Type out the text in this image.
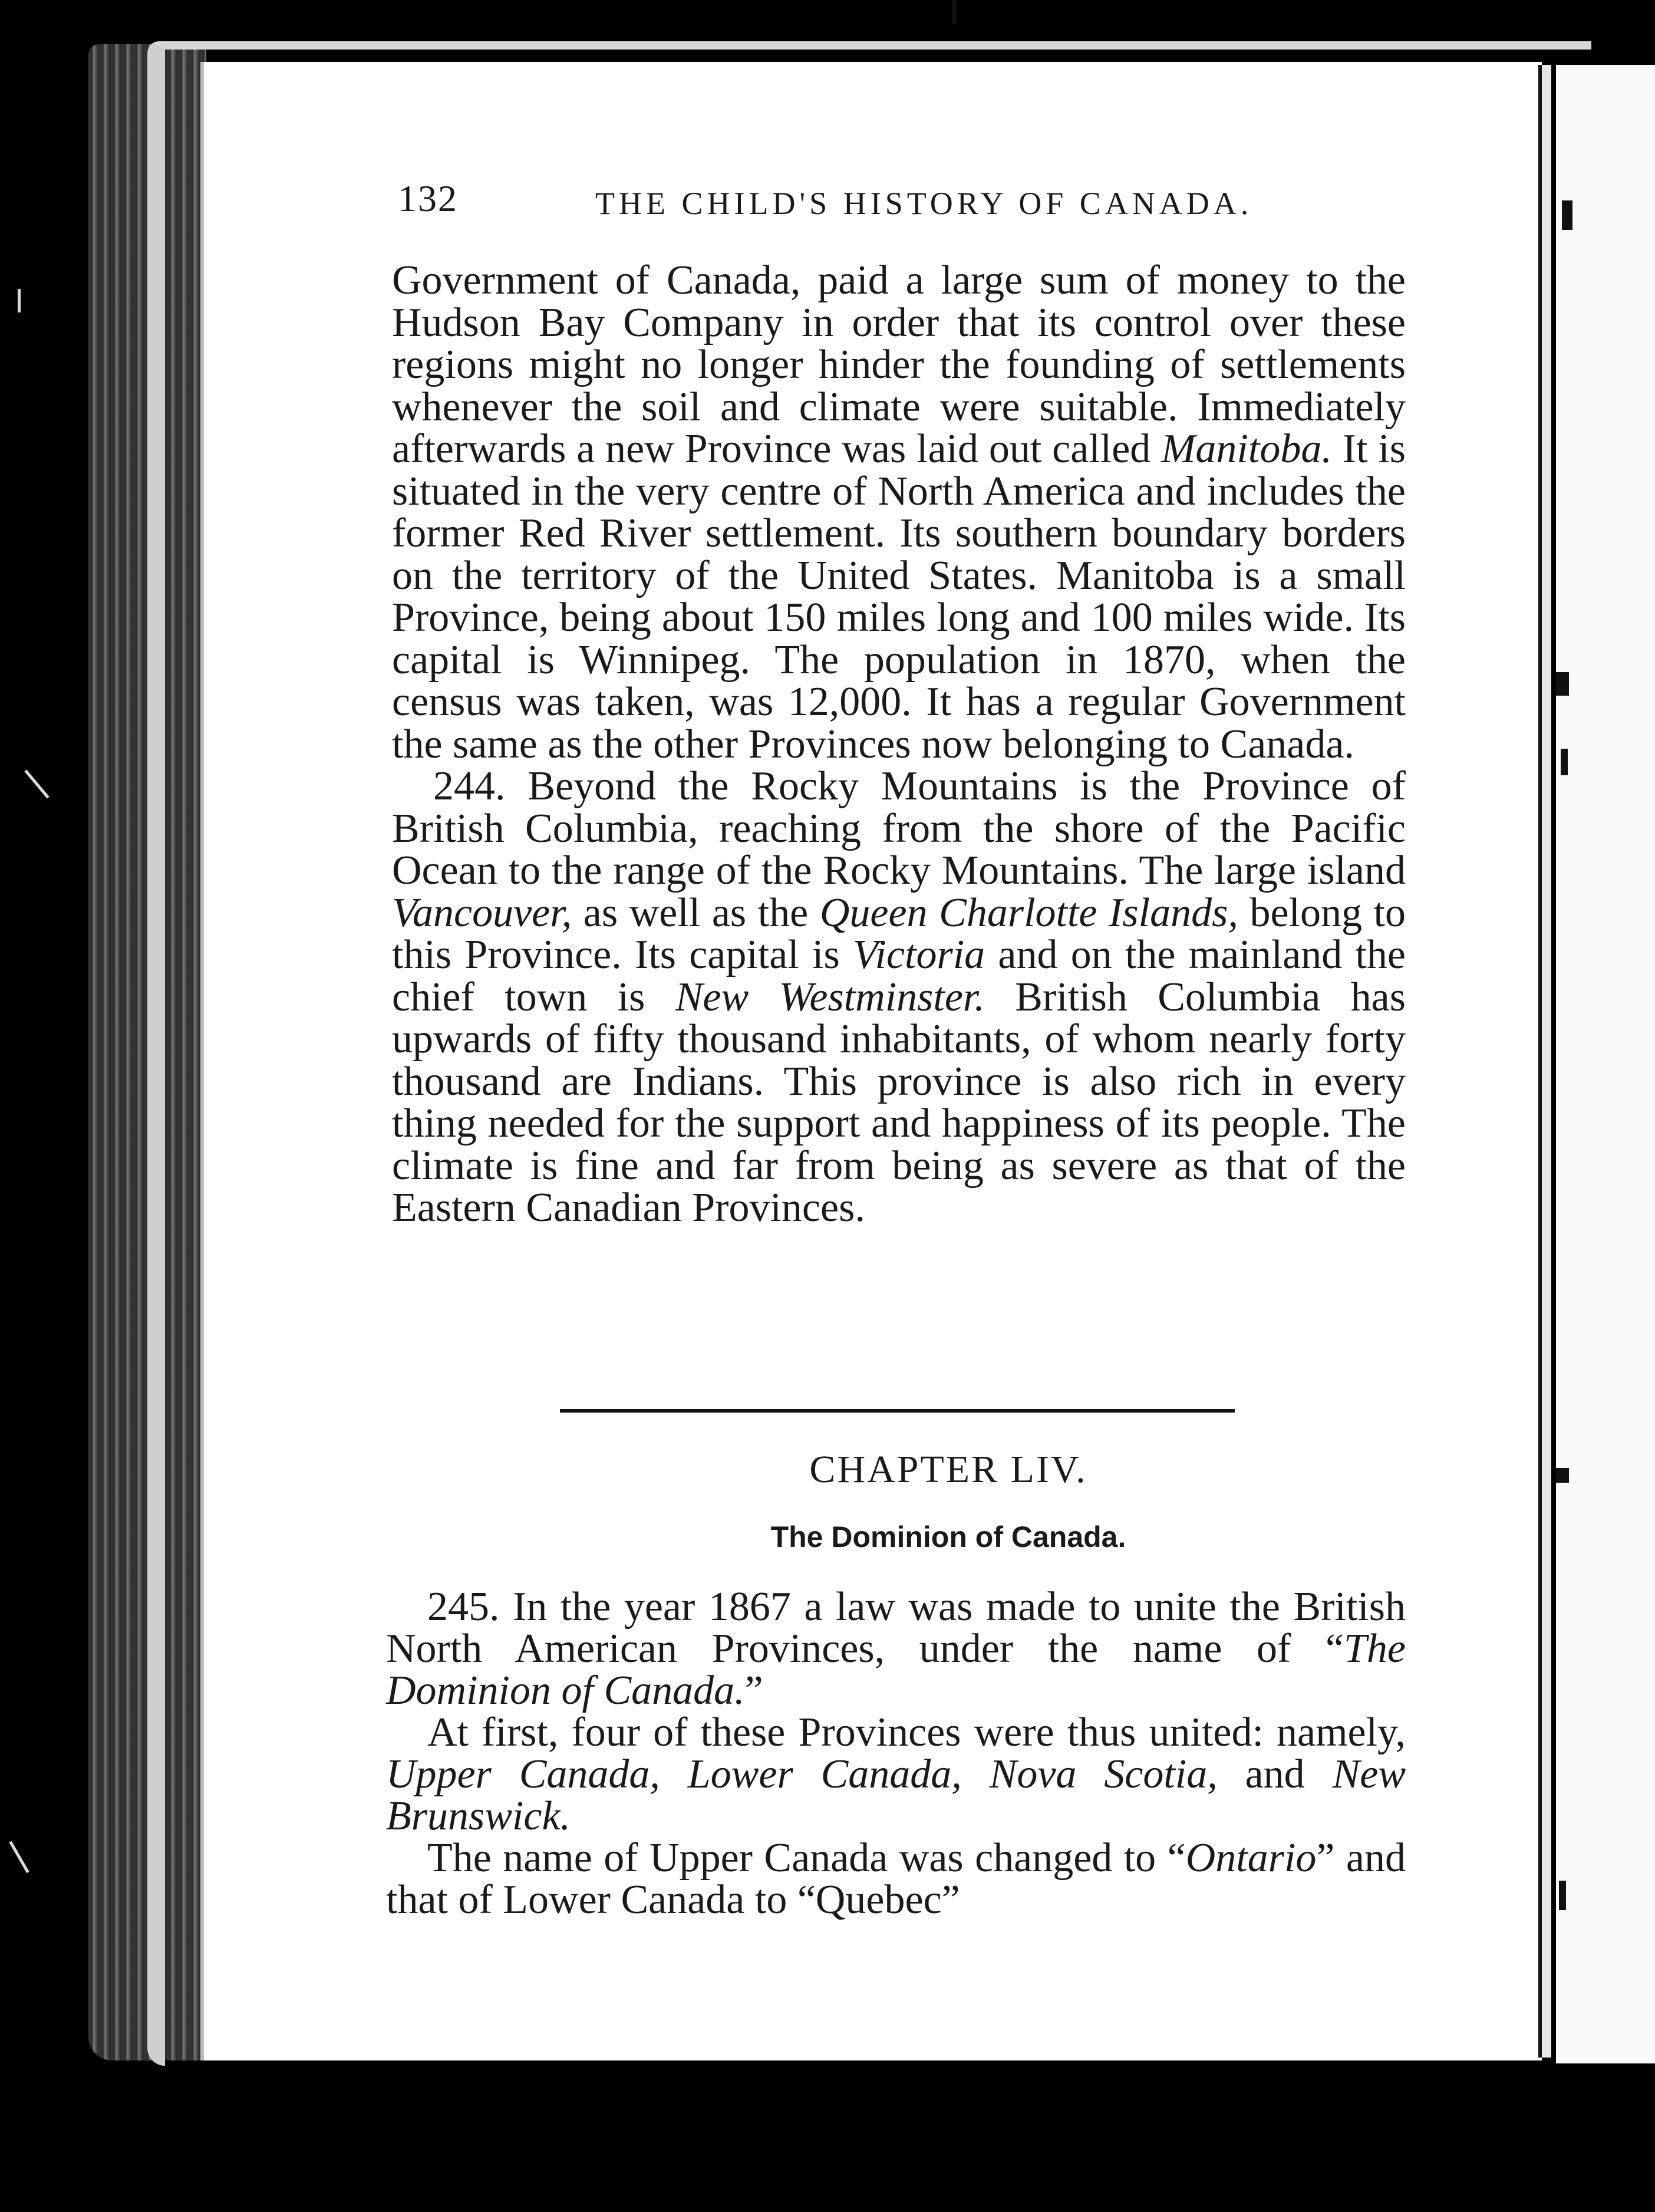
132	THE CHILD'S HISTORY OF CANADA.

Government of Canada, paid a large sum of money to the Hudson Bay Company in order that its control over these regions might no longer hinder the founding of settlements whenever the soil and climate were suitable. Immediately afterwards a new Province was laid out called Manitoba. It is situated in the very centre of North America and includes the former Red River settlement. Its southern boundary borders on the territory of the United States. Manitoba is a small Province, being about 150 miles long and 100 miles wide. Its capital is Winnipeg. The population in 1870, when the census was taken, was 12,000. It has a regular Government the same as the other Provinces now belonging to Canada.

244. Beyond the Rocky Mountains is the Province of British Columbia, reaching from the shore of the Pacific Ocean to the range of the Rocky Mountains. The large island Vancouver, as well as the Queen Charlotte Islands, belong to this Province. Its capital is Victoria and on the mainland the chief town is New Westminster. British Columbia has upwards of fifty thousand inhabitants, of whom nearly forty thousand are Indians. This province is also rich in every thing needed for the support and happiness of its people. The climate is fine and far from being as severe as that of the Eastern Canadian Provinces.

CHAPTER LIV.
The Dominion of Canada.

245. In the year 1867 a law was made to unite the British North American Provinces, under the name of “The Dominion of Canada.”

At first, four of these Provinces were thus united: namely, Upper Canada, Lower Canada, Nova Scotia, and New Brunswick.

The name of Upper Canada was changed to “Ontario” and that of Lower Canada to “Quebec”
